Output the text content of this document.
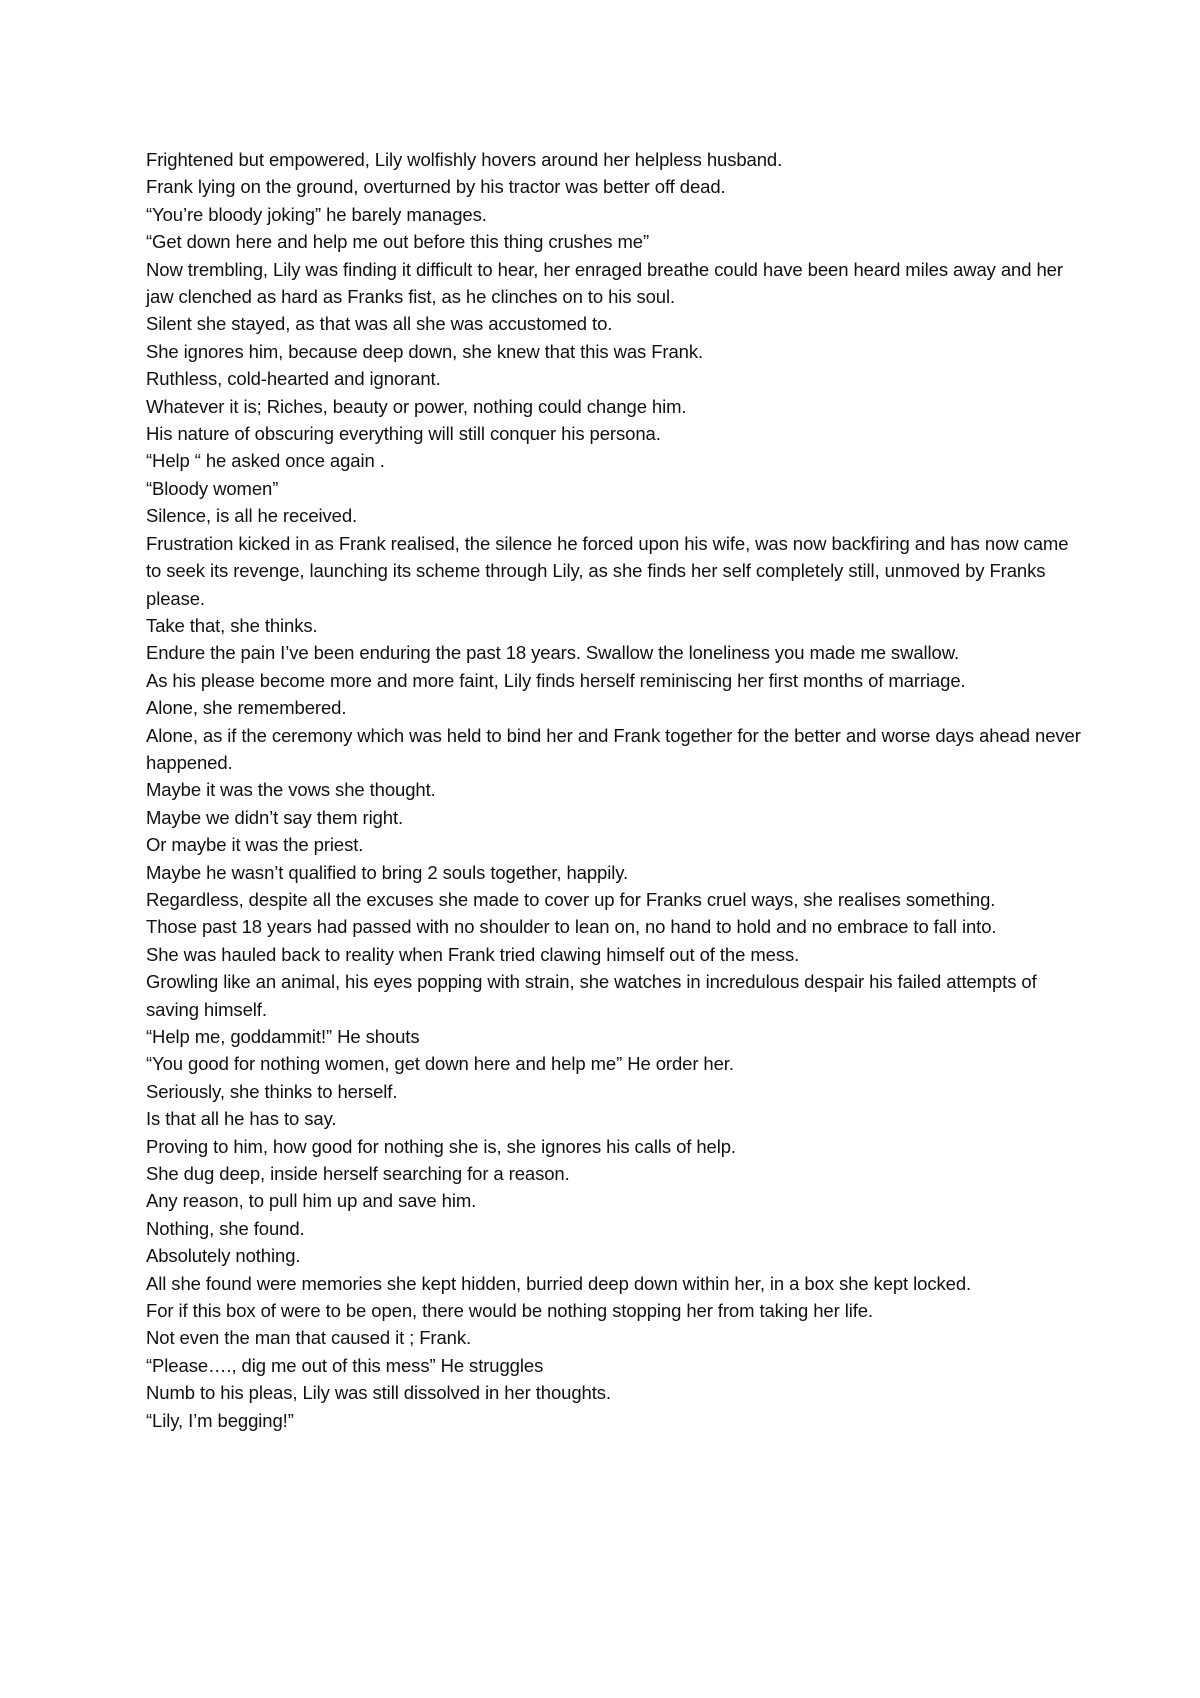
Frightened but empowered, Lily wolfishly hovers around her helpless husband.

Frank lying on the ground, overturned by his tractor was better off dead.

“You’re bloody joking” he barely manages.

“Get down here and help me out before this thing crushes me”

Now trembling, Lily was finding it difficult to hear, her enraged breathe could have been heard miles away and her jaw clenched as hard as Franks fist, as he clinches on to his soul.

Silent she stayed, as that was all she was accustomed to.

She ignores him, because deep down, she knew that this was Frank.

Ruthless, cold-hearted and ignorant.

Whatever it is; Riches, beauty or power, nothing could change him.

His nature of obscuring everything will still conquer his persona.

“Help “ he asked once again .

“Bloody women”

Silence, is all he received.

Frustration kicked in as Frank realised, the silence he forced upon his wife, was now backfiring and has now came to seek its revenge, launching its scheme through Lily, as she finds her self completely still, unmoved by Franks please.

Take that, she thinks.

Endure the pain I’ve been enduring the past 18 years. Swallow the loneliness you made me swallow.

As his please become more and more faint, Lily finds herself reminiscing her first months of marriage.

Alone, she remembered.

Alone, as if the ceremony which was held to bind her and Frank together for the better and worse days ahead never happened.

Maybe it was the vows she thought.

Maybe we didn’t say them right.

Or maybe it was the priest.

Maybe he wasn’t qualified to bring 2 souls together, happily.

Regardless, despite all the excuses she made to cover up for Franks cruel ways, she realises something.

Those past 18 years had passed with no shoulder to lean on, no hand to hold and no embrace to fall into.

She was hauled back to reality when Frank tried clawing himself out of the mess.

Growling like an animal, his eyes popping with strain, she watches in incredulous despair his failed attempts of saving himself.

“Help me, goddammit!” He shouts

“You good for nothing women, get down here and help me” He order her.

Seriously, she thinks to herself.

Is that all he has to say.

Proving to him, how good for nothing she is, she ignores his calls of help.

She dug deep, inside herself searching for a reason.

Any reason, to pull him up and save him.

Nothing, she found.

Absolutely nothing.

All she found were memories she kept hidden, burried deep down within her, in a box she kept locked.

For if this box of were to be open, there would be nothing stopping her from taking her life.

Not even the man that caused it ; Frank.

“Please…., dig me out of this mess” He struggles

Numb to his pleas, Lily was still dissolved in her thoughts.

“Lily, I’m begging!”
